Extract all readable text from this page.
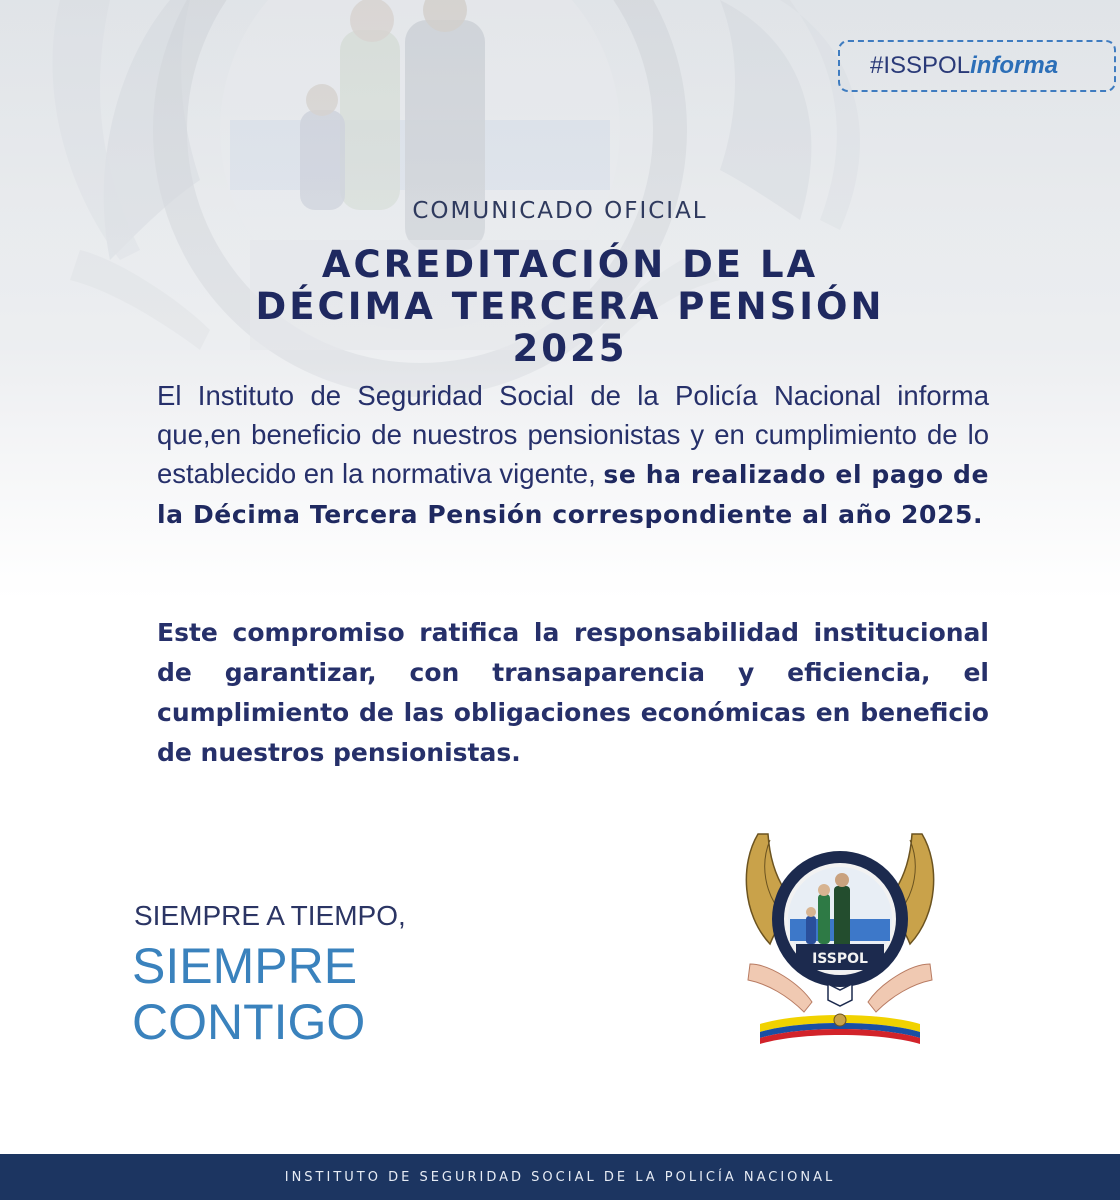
#ISSPOL informa
COMUNICADO OFICIAL
ACREDITACIÓN DE LA
DÉCIMA TERCERA PENSIÓN
2025
El Instituto de Seguridad Social de la Policía Nacional informa que,en beneficio de nuestros pensionistas y en cumplimiento de lo establecido en la normativa vigente, se ha realizado el pago de la Décima Tercera Pensión correspondiente al año 2025.
Este compromiso ratifica la responsabilidad institucional de garantizar, con transaparencia y eficiencia, el cumplimiento de las obligaciones económicas en beneficio de nuestros pensionistas.
SIEMPRE A TIEMPO,
SIEMPRE
CONTIGO
ISSPOL
INSTITUTO DE SEGURIDAD SOCIAL DE LA POLICÍA NACIONAL
